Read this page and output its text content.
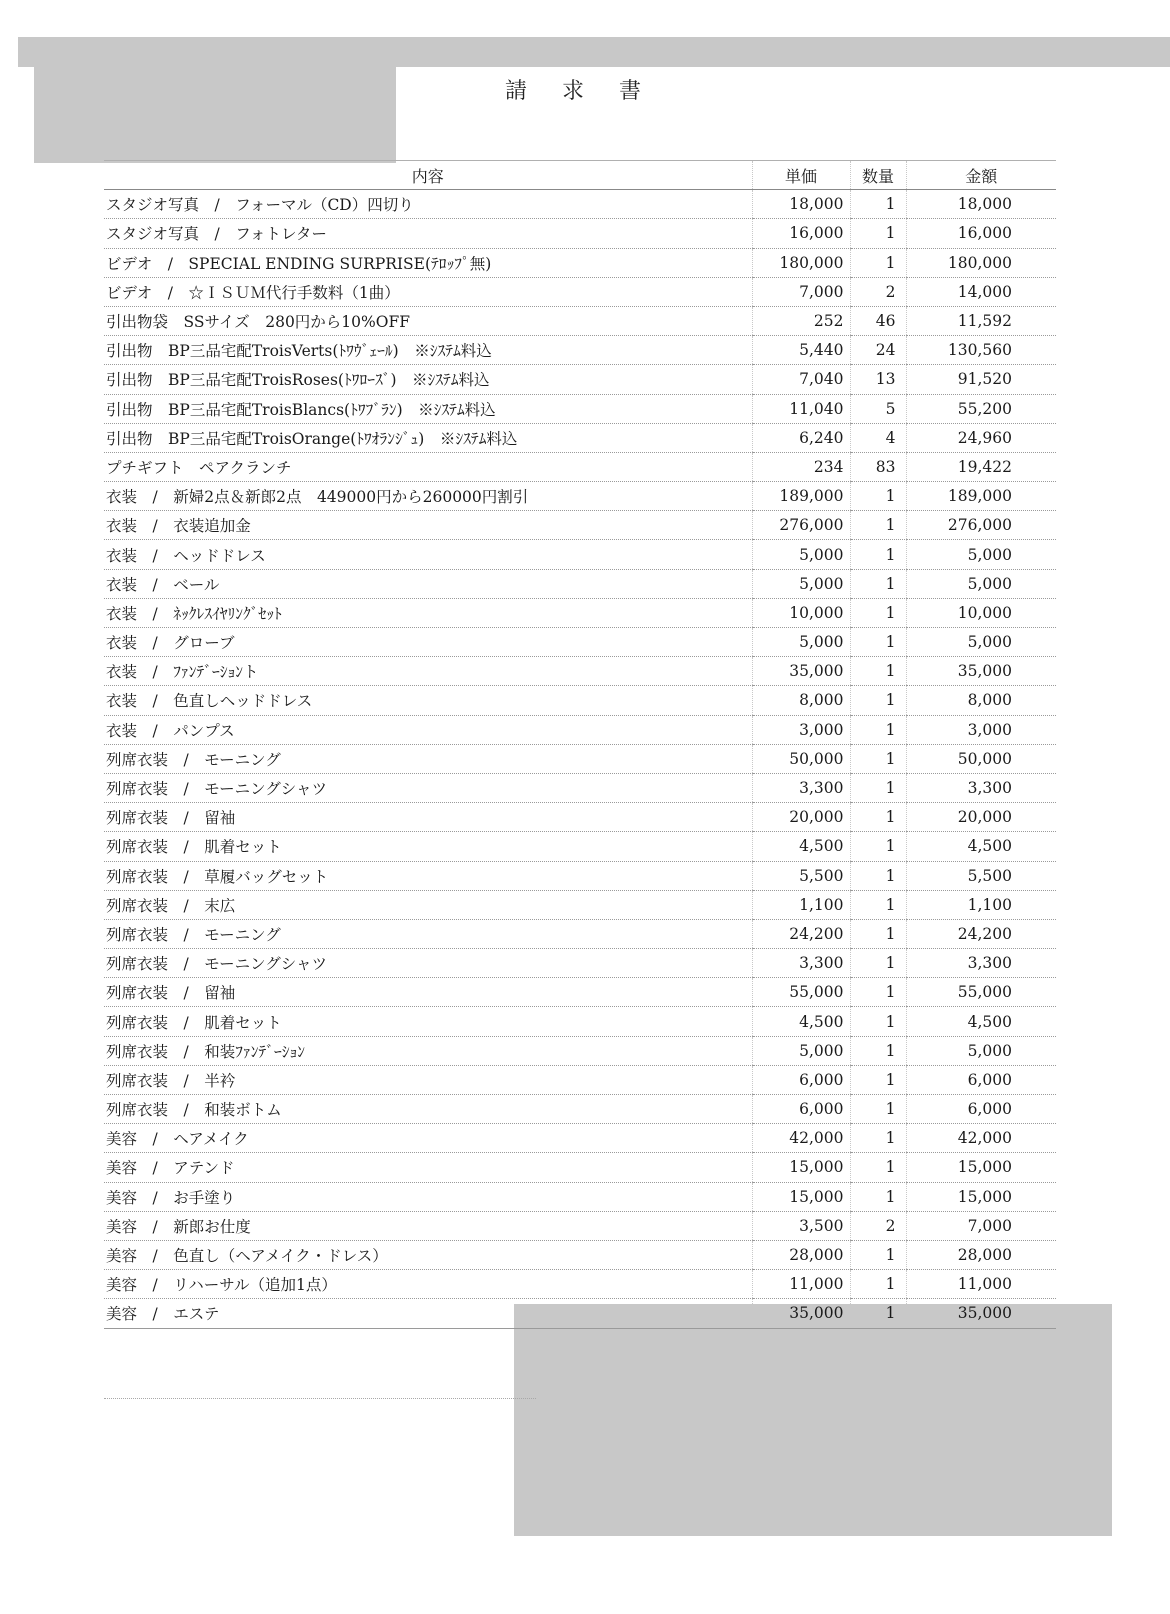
請 求 書
内容	単価	数量	金額
スタジオ写真　/　フォーマル（CD）四切り	18,000	1	18,000
スタジオ写真　/　フォトレター	16,000	1	16,000
ビデオ　/　SPECIAL ENDING SURPRISE(ﾃﾛｯﾌﾟ無)	180,000	1	180,000
ビデオ　/　☆ＩＳＵＭ代行手数料（1曲）	7,000	2	14,000
引出物袋　SSサイズ　280円から10%OFF	252	46	11,592
引出物　BP三品宅配TroisVerts(ﾄﾜｳﾞｪｰﾙ)　※ｼｽﾃﾑ料込	5,440	24	130,560
引出物　BP三品宅配TroisRoses(ﾄﾜﾛｰｽﾞ)　※ｼｽﾃﾑ料込	7,040	13	91,520
引出物　BP三品宅配TroisBlancs(ﾄﾜﾌﾞﾗﾝ)　※ｼｽﾃﾑ料込	11,040	5	55,200
引出物　BP三品宅配TroisOrange(ﾄﾜｵﾗﾝｼﾞｭ)　※ｼｽﾃﾑ料込	6,240	4	24,960
プチギフト　ペアクランチ	234	83	19,422
衣装　/　新婦2点＆新郎2点　449000円から260000円割引	189,000	1	189,000
衣装　/　衣装追加金	276,000	1	276,000
衣装　/　ヘッドドレス	5,000	1	5,000
衣装　/　ベール	5,000	1	5,000
衣装　/　ﾈｯｸﾚｽｲﾔﾘﾝｸﾞｾｯﾄ	10,000	1	10,000
衣装　/　グローブ	5,000	1	5,000
衣装　/　ﾌｧﾝﾃﾞｰｼｮﾝト	35,000	1	35,000
衣装　/　色直しヘッドドレス	8,000	1	8,000
衣装　/　パンプス	3,000	1	3,000
列席衣装　/　モーニング	50,000	1	50,000
列席衣装　/　モーニングシャツ	3,300	1	3,300
列席衣装　/　留袖	20,000	1	20,000
列席衣装　/　肌着セット	4,500	1	4,500
列席衣装　/　草履バッグセット	5,500	1	5,500
列席衣装　/　末広	1,100	1	1,100
列席衣装　/　モーニング	24,200	1	24,200
列席衣装　/　モーニングシャツ	3,300	1	3,300
列席衣装　/　留袖	55,000	1	55,000
列席衣装　/　肌着セット	4,500	1	4,500
列席衣装　/　和装ﾌｧﾝﾃﾞｰｼｮﾝ	5,000	1	5,000
列席衣装　/　半衿	6,000	1	6,000
列席衣装　/　和装ボトム	6,000	1	6,000
美容　/　ヘアメイク	42,000	1	42,000
美容　/　アテンド	15,000	1	15,000
美容　/　お手塗り	15,000	1	15,000
美容　/　新郎お仕度	3,500	2	7,000
美容　/　色直し（ヘアメイク・ドレス）	28,000	1	28,000
美容　/　リハーサル（追加1点）	11,000	1	11,000
美容　/　エステ	35,000	1	35,000
